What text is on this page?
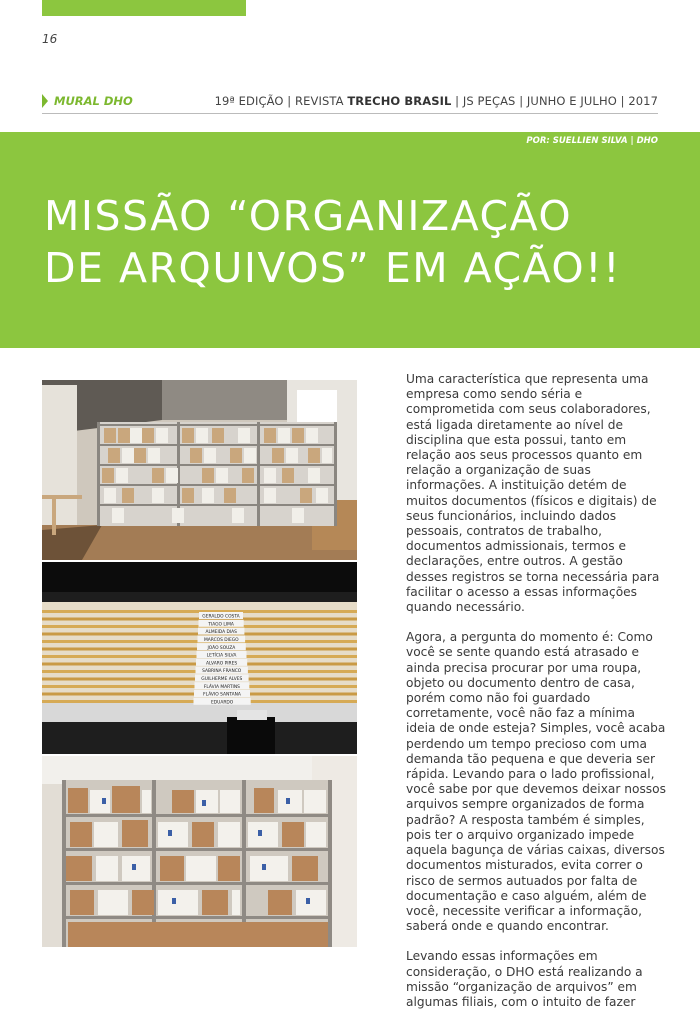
16
MURAL DHO	19ª EDIÇÃO | REVISTA TRECHO BRASIL | JS PEÇAS | JUNHO E JULHO | 2017
POR: SUELLIEN SILVA | DHO
MISSÃO “ORGANIZAÇÃO
DE ARQUIVOS” EM AÇÃO!!
GERALDO COSTA
TIAGO LIMA
ALMEIDA DIAS
MARCOS DIEGO
JOÃO SOUZA
LETÍCIA SILVA
ALVARO PIRES
SABRINA FRANCO
GUILHERME ALVES
FLÁVIA MARTINS
FLÁVIO SANTANA
EDUARDO

Uma característica que representa uma empresa como sendo séria e comprometida com seus colaboradores, está ligada diretamente ao nível de disciplina que esta possui, tanto em relação aos seus processos quanto em relação a organização de suas informações. A instituição detém de muitos documentos (físicos e digitais) de seus funcionários, incluindo dados pessoais, contratos de trabalho, documentos admissionais, termos e declarações, entre outros. A gestão desses registros se torna necessária para facilitar o acesso a essas informações quando necessário.

Agora, a pergunta do momento é: Como você se sente quando está atrasado e ainda precisa procurar por uma roupa, objeto ou documento dentro de casa, porém como não foi guardado corretamente, você não faz a mínima ideia de onde esteja? Simples, você acaba perdendo um tempo precioso com uma demanda tão pequena e que deveria ser rápida. Levando para o lado profissional, você sabe por que devemos deixar nossos arquivos sempre organizados de forma padrão? A resposta também é simples, pois ter o arquivo organizado impede aquela bagunça de várias caixas, diversos documentos misturados, evita correr o risco de sermos autuados por falta de documentação e caso alguém, além de você, necessite verificar a informação, saberá onde e quando encontrar.

Levando essas informações em consideração, o DHO está realizando a missão “organização de arquivos” em algumas filiais, com o intuito de fazer
